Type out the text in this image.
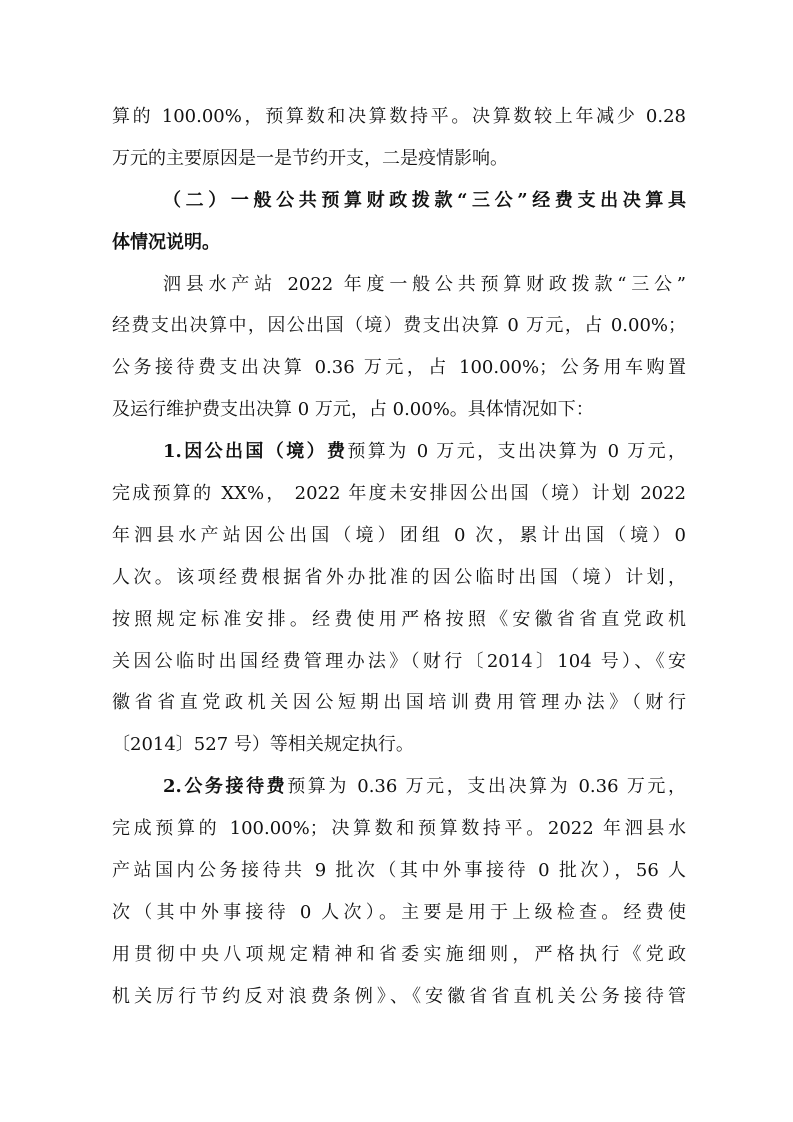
算的 100.00%，预算数和决算数持平。决算数较上年减少 0.28
万元的主要原因是一是节约开支，二是疫情影响。
（二）一般公共预算财政拨款“三公”经费支出决算具
体情况说明。
泗县水产站 2022 年度一般公共预算财政拨款“三公”
经费支出决算中，因公出国（境）费支出决算 0 万元，占 0.00%；
公务接待费支出决算 0.36 万元，占 100.00%；公务用车购置
及运行维护费支出决算 0 万元，占 0.00%。具体情况如下：
1.因公出国（境）费预算为 0 万元，支出决算为 0 万元，
完成预算的 XX%， 2022 年度未安排因公出国（境）计划 2022
年泗县水产站因公出国（境）团组 0 次，累计出国（境）0
人次。该项经费根据省外办批准的因公临时出国（境）计划，
按照规定标准安排。经费使用严格按照《安徽省省直党政机
关因公临时出国经费管理办法》（财行〔2014〕104 号）、《安
徽省省直党政机关因公短期出国培训费用管理办法》（财行
〔2014〕527 号）等相关规定执行。
2.公务接待费预算为 0.36 万元，支出决算为 0.36 万元，
完成预算的 100.00%；决算数和预算数持平。2022 年泗县水
产站国内公务接待共 9 批次（其中外事接待 0 批次），56 人
次（其中外事接待 0 人次）。主要是用于上级检查。经费使
用贯彻中央八项规定精神和省委实施细则，严格执行《党政
机关厉行节约反对浪费条例》、《安徽省省直机关公务接待管
